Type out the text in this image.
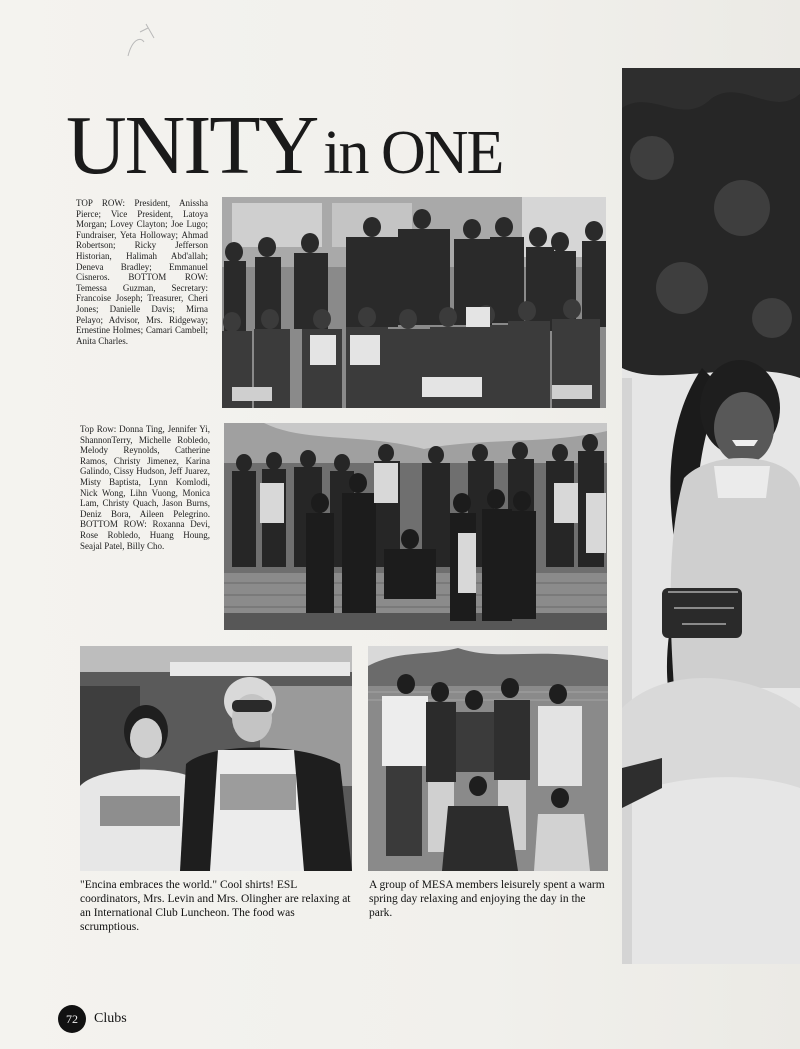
UNITY in ONE
TOP ROW: President, Anissha Pierce; Vice President, Latoya Morgan; Lovey Clayton; Joe Lugo; Fundraiser, Yeta Holloway; Ahmad Robertson; Ricky Jefferson Historian, Halimah Abd'allah; Deneva Bradley; Emmanuel Cisneros. BOTTOM ROW: Temessa Guzman, Secretary: Francoise Joseph; Treasurer, Cheri Jones; Danielle Davis; Mirna Pelayo; Advisor, Mrs. Ridgeway; Ernestine Holmes; Camari Cambell; Anita Charles.
Top Row: Donna Ting, Jennifer Yi, ShannonTerry, Michelle Robledo, Melody Reynolds, Catherine Ramos, Christy Jimenez, Karina Galindo, Cissy Hudson, Jeff Juarez, Misty Baptista, Lynn Komlodi, Nick Wong, Lihn Vuong, Monica Lam, Christy Quach, Jason Burns, Deniz Bora, Aileen Pelegrino. BOTTOM ROW: Roxanna Devi, Rose Robledo, Huang Houng, Seajal Patel, Billy Cho.
"Encina embraces the world." Cool shirts! ESL coordinators, Mrs. Levin and Mrs. Olingher are relaxing at an International Club Luncheon. The food was scrumptious.
A group of MESA members leisurely spent a warm spring day relaxing and enjoying the day in the park.
72 Clubs
